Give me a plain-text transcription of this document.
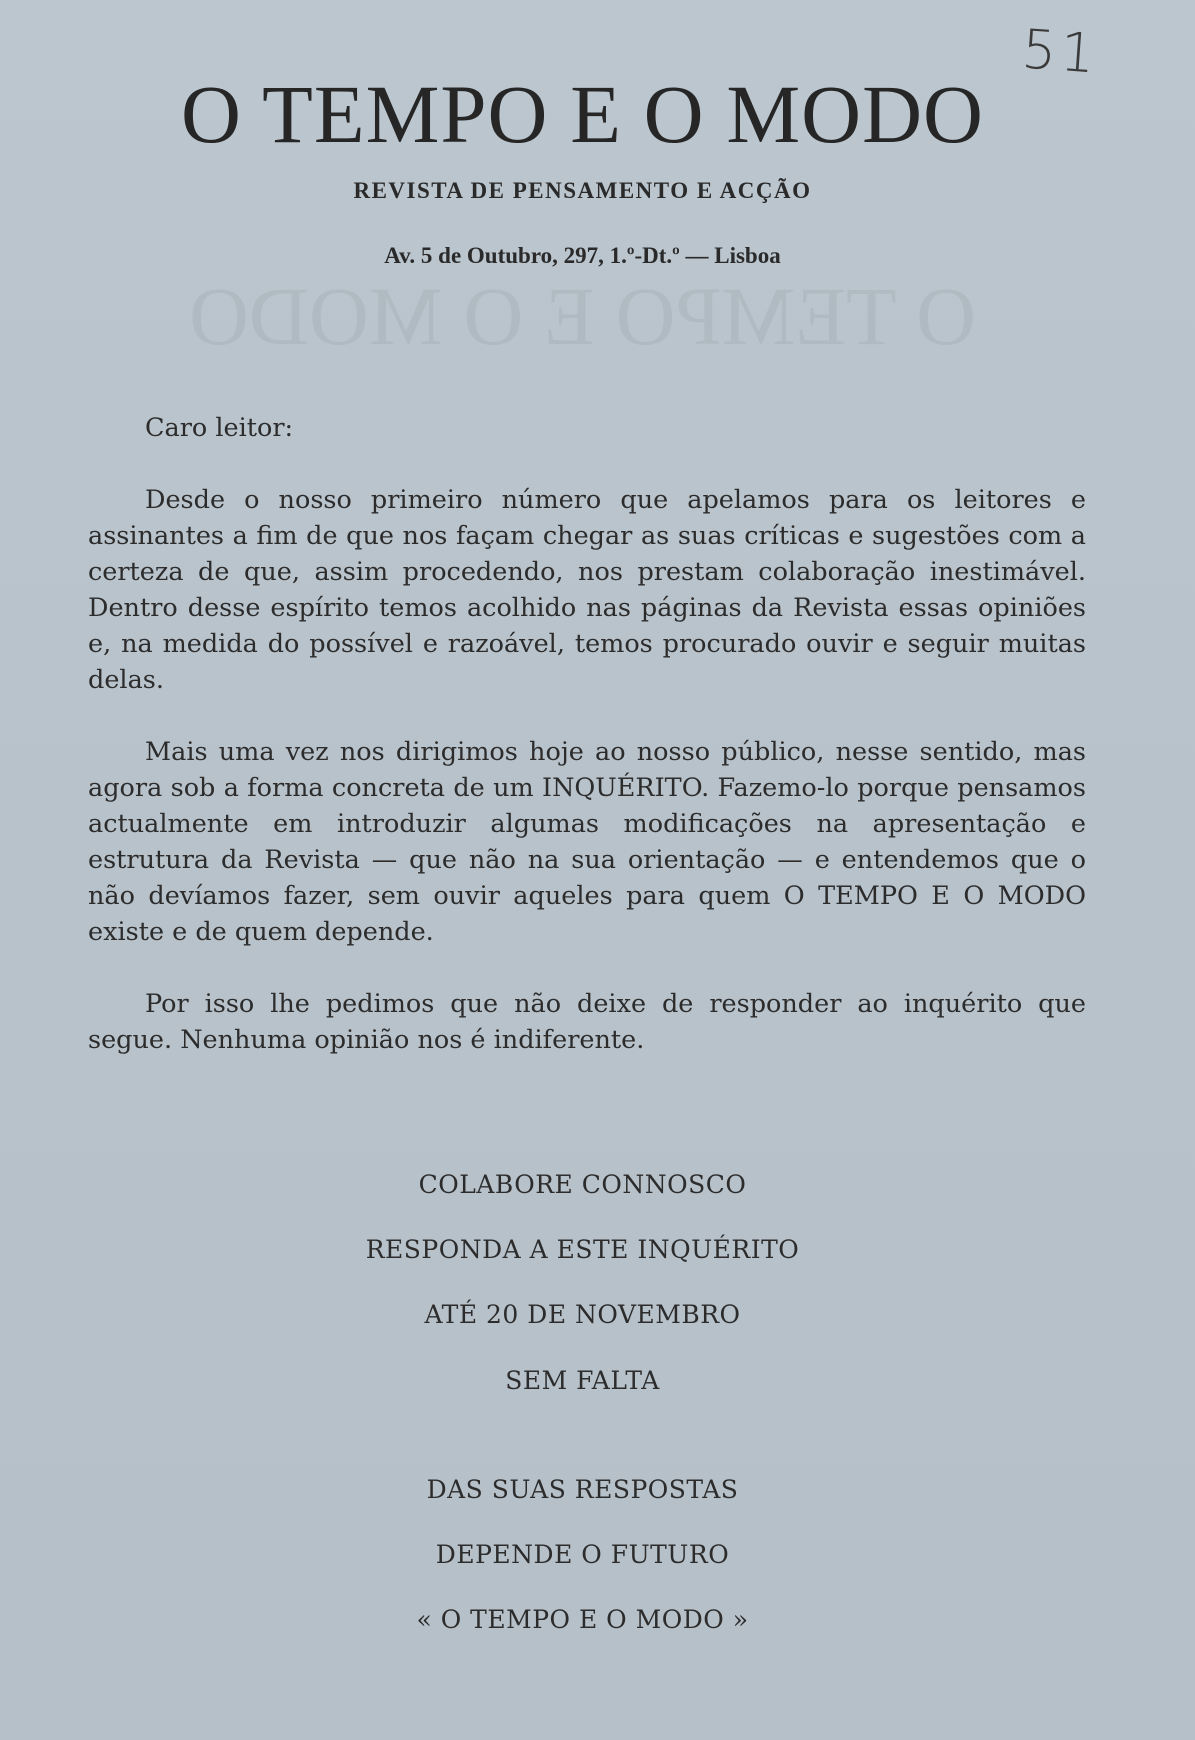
51
O TEMPO E O MODO
O TEMPO E O MODO
REVISTA DE PENSAMENTO E ACÇÃO
Av. 5 de Outubro, 297, 1.º-Dt.º — Lisboa
Caro leitor:

Desde o nosso primeiro número que apelamos para os leitores e assinantes a fim de que nos façam chegar as suas críticas e sugestões com a certeza de que, assim procedendo, nos prestam colaboração inestimável. Dentro desse espírito temos acolhido nas páginas da Revista essas opiniões e, na medida do possível e razoável, temos procurado ouvir e seguir muitas delas.

Mais uma vez nos dirigimos hoje ao nosso público, nesse sentido, mas agora sob a forma concreta de um INQUÉRITO. Fazemo-lo porque pensamos actualmente em introduzir algumas modificações na apresentação e estrutura da Revista — que não na sua orientação — e entendemos que o não devíamos fazer, sem ouvir aqueles para quem O TEMPO E O MODO existe e de quem depende.

Por isso lhe pedimos que não deixe de responder ao inquérito que segue. Nenhuma opinião nos é indiferente.

COLABORE CONNOSCO
RESPONDA A ESTE INQUÉRITO
ATÉ 20 DE NOVEMBRO
SEM FALTA
DAS SUAS RESPOSTAS
DEPENDE O FUTURO
« O TEMPO E O MODO »
